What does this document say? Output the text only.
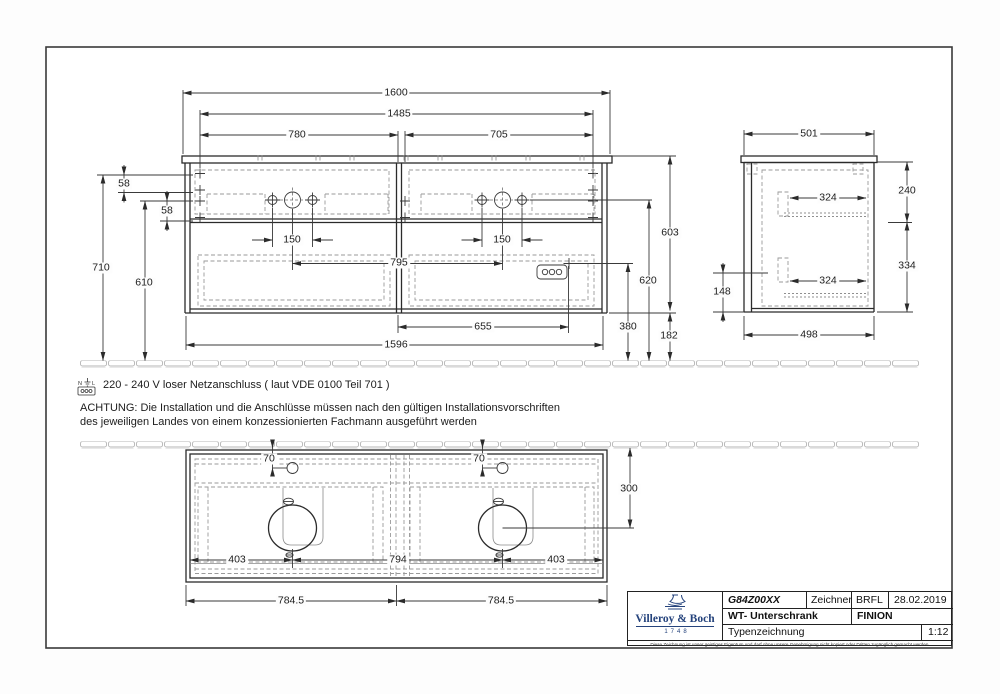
N L
1600
1485
780	705
58
58
710
610
150	150
795
655
1596
603
620
380
182
501
240
324
324
334
148
498
70	70
300
403	794	403
784.5	784.5
220 - 240 V loser Netzanschluss ( laut VDE 0100 Teil 701 )
ACHTUNG: Die Installation und die Anschlüsse müssen nach den gültigen Installationsvorschriften
des jeweiligen Landes von einem konzessionierten Fachmann ausgeführt werden
Villeroy & Boch
1748
G84Z00XX	Zeichner BRFL 28.02.2019
WT- Unterschrank	FINION
Typenzeichnung	1:12
Diese Zeichnung ist unser geistiges Eigentum und darf ohne unsere Genehmigung nicht kopiert oder Dritten zugänglich gemacht werden.
